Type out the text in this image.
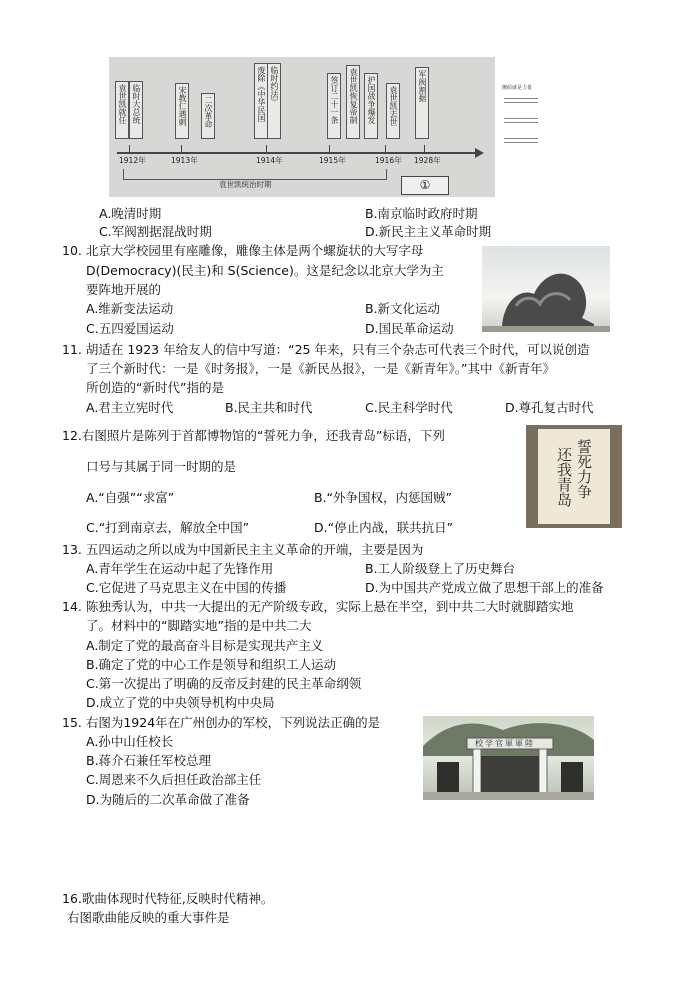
袁世凯就任 临时大总统	宋教仁遇刺	二次革命	废除《中华民国 临时约法》	签订二十一条	袁世凯恢复帝制	护国战争爆发	袁世凯去世	军阀割据
1912年	1913年	1914年	1915年	1916年 1928年
袁世凯统治时期	①
團結就是力量
A.晚清时期	B.南京临时政府时期
C.军阀割据混战时期	D.新民主主义革命时期
10. 北京大学校园里有座雕像，雕像主体是两个螺旋状的大写字母
D(Democracy)(民主)和 S(Science)。这是纪念以北京大学为主
要阵地开展的
A.维新变法运动	B.新文化运动
C.五四爱国运动	D.国民革命运动
11. 胡适在 1923 年给友人的信中写道：“25 年来，只有三个杂志可代表三个时代，可以说创造
了三个新时代：一是《时务报》，一是《新民丛报》，一是《新青年》。”其中《新青年》
所创造的“新时代”指的是
A.君主立宪时代	B.民主共和时代	C.民主科学时代	D.尊孔复古时代
12.右图照片是陈列于首都博物馆的“誓死力争，还我青岛”标语，下列
口号与其属于同一时期的是
A.“自强”“求富”	B.“外争国权，内惩国贼”
C.“打到南京去，解放全中国”	D.“停止内战，联共抗日”
誓死力争
还我青岛
13. 五四运动之所以成为中国新民主主义革命的开端，主要是因为
A.青年学生在运动中起了先锋作用	B.工人阶级登上了历史舞台
C.它促进了马克思主义在中国的传播	D.为中国共产党成立做了思想干部上的准备
14. 陈独秀认为，中共一大提出的无产阶级专政，实际上悬在半空，到中共二大时就脚踏实地
了。材料中的“脚踏实地”指的是中共二大
A.制定了党的最高奋斗目标是实现共产主义
B.确定了党的中心工作是领导和组织工人运动
C.第一次提出了明确的反帝反封建的民主革命纲领
D.成立了党的中央领导机构中央局
15. 右图为1924年在广州创办的军校，下列说法正确的是
A.孙中山任校长
B.蒋介石兼任军校总理
C.周恩来不久后担任政治部主任
D.为随后的二次革命做了准备
校学官軍軍陸
16.歌曲体现时代特征,反映时代精神。
右图歌曲能反映的重大事件是
